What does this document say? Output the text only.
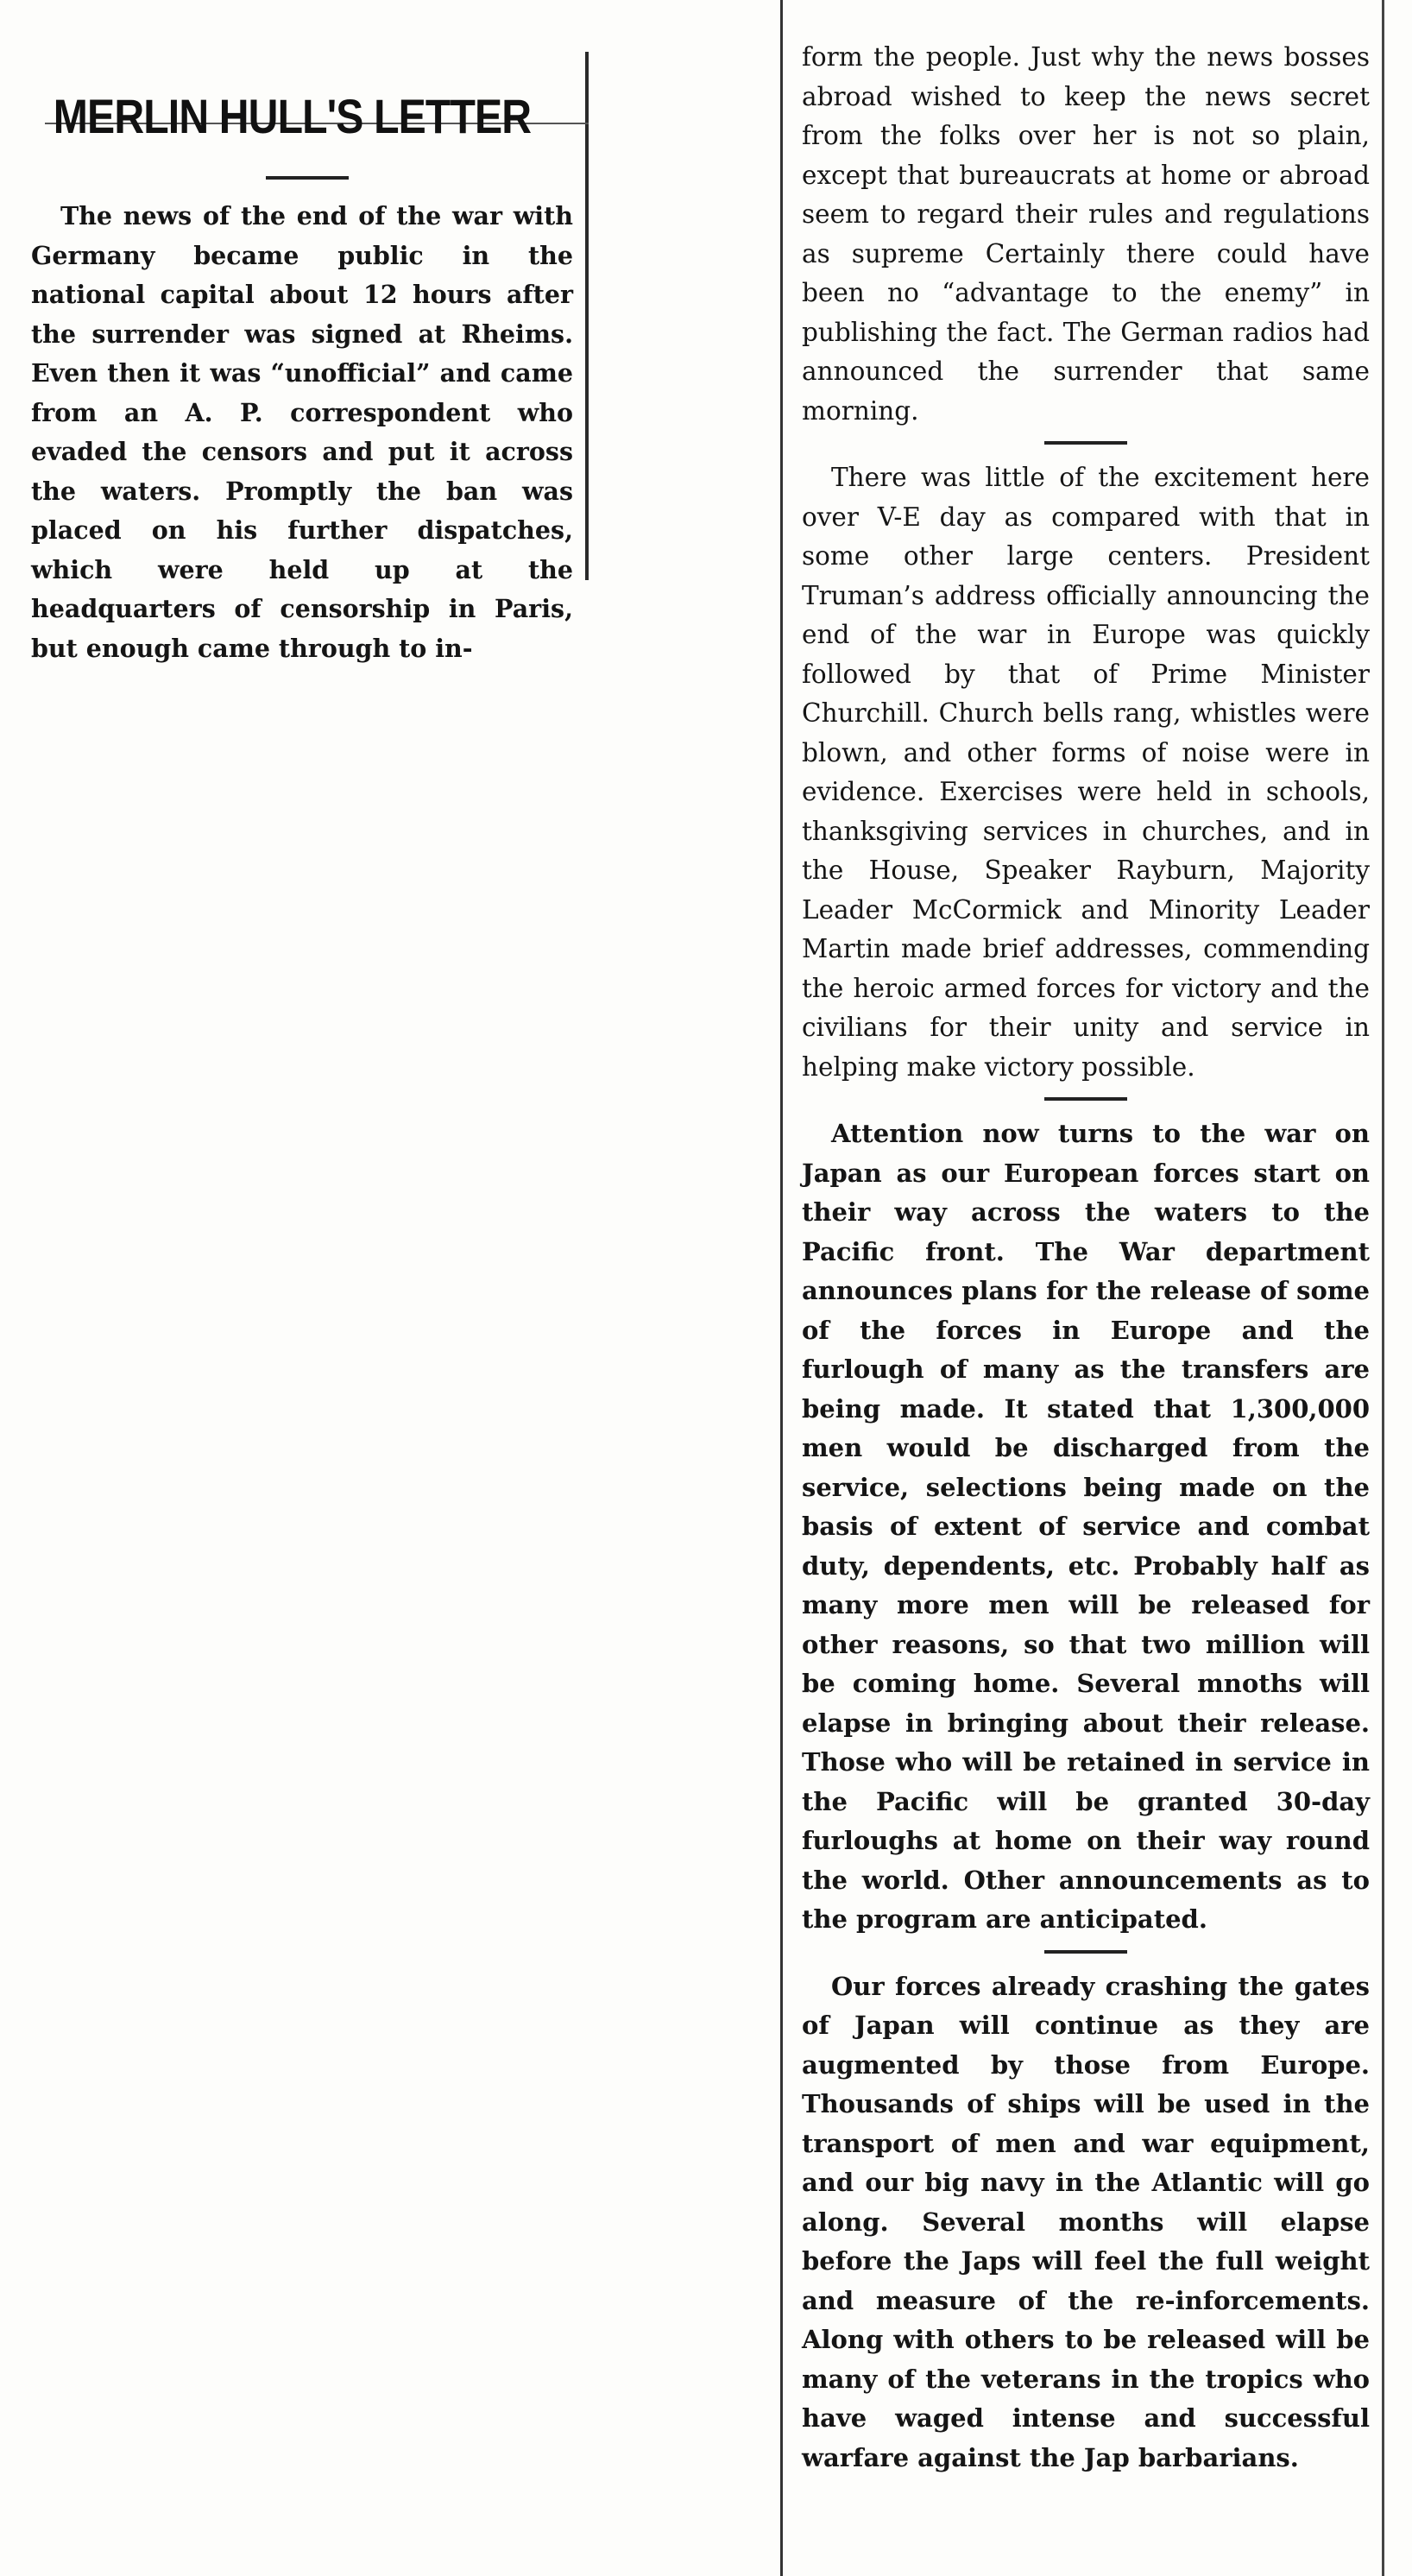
MERLIN HULL'S LETTER

The news of the end of the war with Germany became public in the national capital about 12 hours after the surrender was signed at Rheims. Even then it was “unofficial” and came from an A. P. correspondent who evaded the censors and put it across the waters. Promptly the ban was placed on his further dispatches, which were held up at the headquarters of censorship in Paris, but enough came through to in-

form the people. Just why the news bosses abroad wished to keep the news secret from the folks over her is not so plain, except that bureaucrats at home or abroad seem to regard their rules and regulations as supreme Certainly there could have been no “advantage to the enemy” in publishing the fact. The German radios had announced the surrender that same morning.

There was little of the excitement here over V-E day as compared with that in some other large centers. President Truman’s address officially announcing the end of the war in Europe was quickly followed by that of Prime Minister Churchill. Church bells rang, whistles were blown, and other forms of noise were in evidence. Exercises were held in schools, thanksgiving services in churches, and in the House, Speaker Rayburn, Majority Leader McCormick and Minority Leader Martin made brief addresses, commending the heroic armed forces for victory and the civilians for their unity and service in helping make victory possible.

Attention now turns to the war on Japan as our European forces start on their way across the waters to the Pacific front. The War department announces plans for the release of some of the forces in Europe and the furlough of many as the transfers are being made. It stated that 1,300,000 men would be discharged from the service, selections being made on the basis of extent of service and combat duty, dependents, etc. Probably half as many more men will be released for other reasons, so that two million will be coming home. Several mnoths will elapse in bringing about their release. Those who will be retained in service in the Pacific will be granted 30-day furloughs at home on their way round the world. Other announcements as to the program are anticipated.

Our forces already crashing the gates of Japan will continue as they are augmented by those from Europe. Thousands of ships will be used in the transport of men and war equipment, and our big navy in the Atlantic will go along. Several months will elapse before the Japs will feel the full weight and measure of the re-inforcements. Along with others to be released will be many of the veterans in the tropics who have waged intense and successful warfare against the Jap barbarians.
